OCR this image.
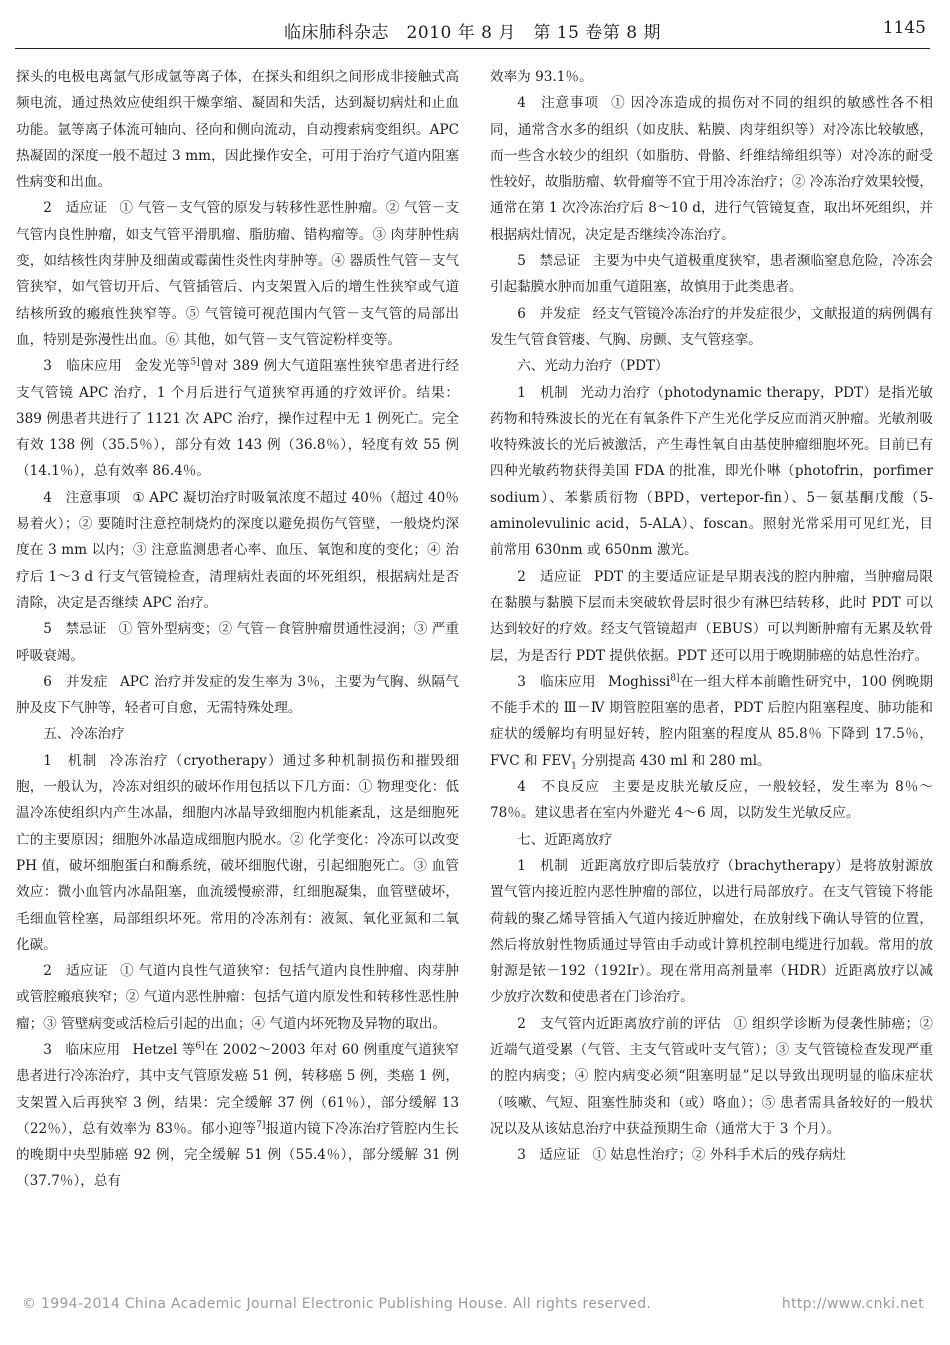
临床肺科杂志　2010 年 8 月　第 15 卷第 8 期	1145

探头的电极电离氩气形成氩等离子体，在探头和组织之间形成非接触式高频电流，通过热效应使组织干燥挛缩、凝固和失活，达到凝切病灶和止血功能。氩等离子体流可轴向、径向和侧向流动，自动搜索病变组织。APC 热凝固的深度一般不超过 3 mm，因此操作安全，可用于治疗气道内阻塞性病变和出血。

2　适应证 ① 气管－支气管的原发与转移性恶性肿瘤。② 气管－支气管内良性肿瘤，如支气管平滑肌瘤、脂肪瘤、错构瘤等。③ 肉芽肿性病变，如结核性肉芽肿及细菌或霉菌性炎性肉芽肿等。④ 器质性气管－支气管狭窄，如气管切开后、气管插管后、内支架置入后的增生性狭窄或气道结核所致的瘢痕性狭窄等。⑤ 气管镜可视范围内气管－支气管的局部出血，特别是弥漫性出血。⑥ 其他，如气管－支气管淀粉样变等。

3　临床应用 金发光等$^{5]}$曾对 389 例大气道阻塞性狭窄患者进行经支气管镜 APC 治疗，1 个月后进行气道狭窄再通的疗效评价。结果：389 例患者共进行了 1121 次 APC 治疗，操作过程中无 1 例死亡。完全有效 138 例（35.5％），部分有效 143 例（36.8％），轻度有效 55 例（14.1％），总有效率 86.4％。

4　注意事项 ① APC 凝切治疗时吸氧浓度不超过 40％（超过 40％ 易着火）；② 要随时注意控制烧灼的深度以避免损伤气管壁，一般烧灼深度在 3 mm 以内；③ 注意监测患者心率、血压、氧饱和度的变化；④ 治疗后 1～3 d 行支气管镜检查，清理病灶表面的坏死组织，根据病灶是否清除，决定是否继续 APC 治疗。

5　禁忌证 ① 管外型病变；② 气管－食管肿瘤贯通性浸润；③ 严重呼吸衰竭。

6　并发症 APC 治疗并发症的发生率为 3％，主要为气胸、纵隔气肿及皮下气肿等，轻者可自愈，无需特殊处理。

五、冷冻治疗

1　机制 冷冻治疗（cryotherapy）通过多种机制损伤和摧毁细胞，一般认为，冷冻对组织的破坏作用包括以下几方面：① 物理变化：低温冷冻使组织内产生冰晶，细胞内冰晶导致细胞内机能紊乱，这是细胞死亡的主要原因；细胞外冰晶造成细胞内脱水。② 化学变化：冷冻可以改变 PH 值，破坏细胞蛋白和酶系统，破坏细胞代谢，引起细胞死亡。③ 血管效应：微小血管内冰晶阻塞，血流缓慢瘀滞，红细胞凝集，血管壁破坏，毛细血管栓塞，局部组织坏死。常用的冷冻剂有：液氮、氧化亚氮和二氧化碳。

2　适应证 ① 气道内良性气道狭窄：包括气道内良性肿瘤、肉芽肿或管腔瘢痕狭窄；② 气道内恶性肿瘤：包括气道内原发性和转移性恶性肿瘤；③ 管壁病变或活检后引起的出血；④ 气道内坏死物及异物的取出。

3　临床应用 Hetzel 等$^{6]}$在 2002～2003 年对 60 例重度气道狭窄患者进行冷冻治疗，其中支气管原发癌 51 例，转移癌 5 例，类癌 1 例，支架置入后再狭窄 3 例，结果：完全缓解 37 例（61％），部分缓解 13（22％），总有效率为 83％。郁小迎等$^{7]}$报道内镜下冷冻治疗管腔内生长的晚期中央型肺癌 92 例，完全缓解 51 例（55.4％），部分缓解 31 例（37.7％），总有

效率为 93.1％。

4　注意事项 ① 因冷冻造成的损伤对不同的组织的敏感性各不相同，通常含水多的组织（如皮肤、粘膜、肉芽组织等）对冷冻比较敏感，而一些含水较少的组织（如脂肪、骨骼、纤维结缔组织等）对冷冻的耐受性较好，故脂肪瘤、软骨瘤等不宜于用冷冻治疗；② 冷冻治疗效果较慢，通常在第 1 次冷冻治疗后 8～10 d，进行气管镜复查，取出坏死组织，并根据病灶情况，决定是否继续冷冻治疗。

5　禁忌证 主要为中央气道极重度狭窄，患者濒临窒息危险，冷冻会引起黏膜水肿而加重气道阻塞，故慎用于此类患者。

6　并发症 经支气管镜冷冻治疗的并发症很少，文献报道的病例偶有发生气管食管瘘、气胸、房颤、支气管痉挛。

六、光动力治疗（PDT）

1　机制 光动力治疗（photodynamic therapy，PDT）是指光敏药物和特殊波长的光在有氧条件下产生光化学反应而消灭肿瘤。光敏剂吸收特殊波长的光后被激活，产生毒性氧自由基使肿瘤细胞坏死。目前已有四种光敏药物获得美国 FDA 的批准，即光仆啉（photofrin，porfimer sodium）、苯紫质衍物（BPD，vertepor-fin）、5－氨基酮戊酸（5-aminolevulinic acid，5-ALA）、foscan。照射光常采用可见红光，目前常用 630nm 或 650nm 激光。

2　适应证 PDT 的主要适应证是早期表浅的腔内肿瘤，当肿瘤局限在黏膜与黏膜下层而未突破软骨层时很少有淋巴结转移，此时 PDT 可以达到较好的疗效。经支气管镜超声（EBUS）可以判断肿瘤有无累及软骨层，为是否行 PDT 提供依据。PDT 还可以用于晚期肺癌的姑息性治疗。

3　临床应用 Moghissi$^{8]}$在一组大样本前瞻性研究中，100 例晚期不能手术的 Ⅲ－Ⅳ 期管腔阻塞的患者，PDT 后腔内阻塞程度、肺功能和症状的缓解均有明显好转，腔内阻塞的程度从 85.8％ 下降到 17.5％，FVC 和 $FEV_1$ 分别提高 430 ml 和 280 ml。

4　不良反应 主要是皮肤光敏反应，一般较轻，发生率为 8％～78％。建议患者在室内外避光 4～6 周，以防发生光敏反应。

七、近距离放疗

1　机制 近距离放疗即后装放疗（brachytherapy）是将放射源放置气管内接近腔内恶性肿瘤的部位，以进行局部放疗。在支气管镜下将能荷载的聚乙烯导管插入气道内接近肿瘤处，在放射线下确认导管的位置，然后将放射性物质通过导管由手动或计算机控制电缆进行加载。常用的放射源是铱－192（192Ir）。现在常用高剂量率（HDR）近距离放疗以减少放疗次数和使患者在门诊治疗。

2　支气管内近距离放疗前的评估 ① 组织学诊断为侵袭性肺癌；② 近端气道受累（气管、主支气管或叶支气管）；③ 支气管镜检查发现严重的腔内病变；④ 腔内病变必须“阻塞明显”足以导致出现明显的临床症状（咳嗽、气短、阻塞性肺炎和（或）咯血）；⑤ 患者需具备较好的一般状况以及从该姑息治疗中获益预期生命（通常大于 3 个月）。

3　适应证 ① 姑息性治疗；② 外科手术后的残存病灶

© 1994-2014 China Academic Journal Electronic Publishing House. All rights reserved.	http://www.cnki.net
